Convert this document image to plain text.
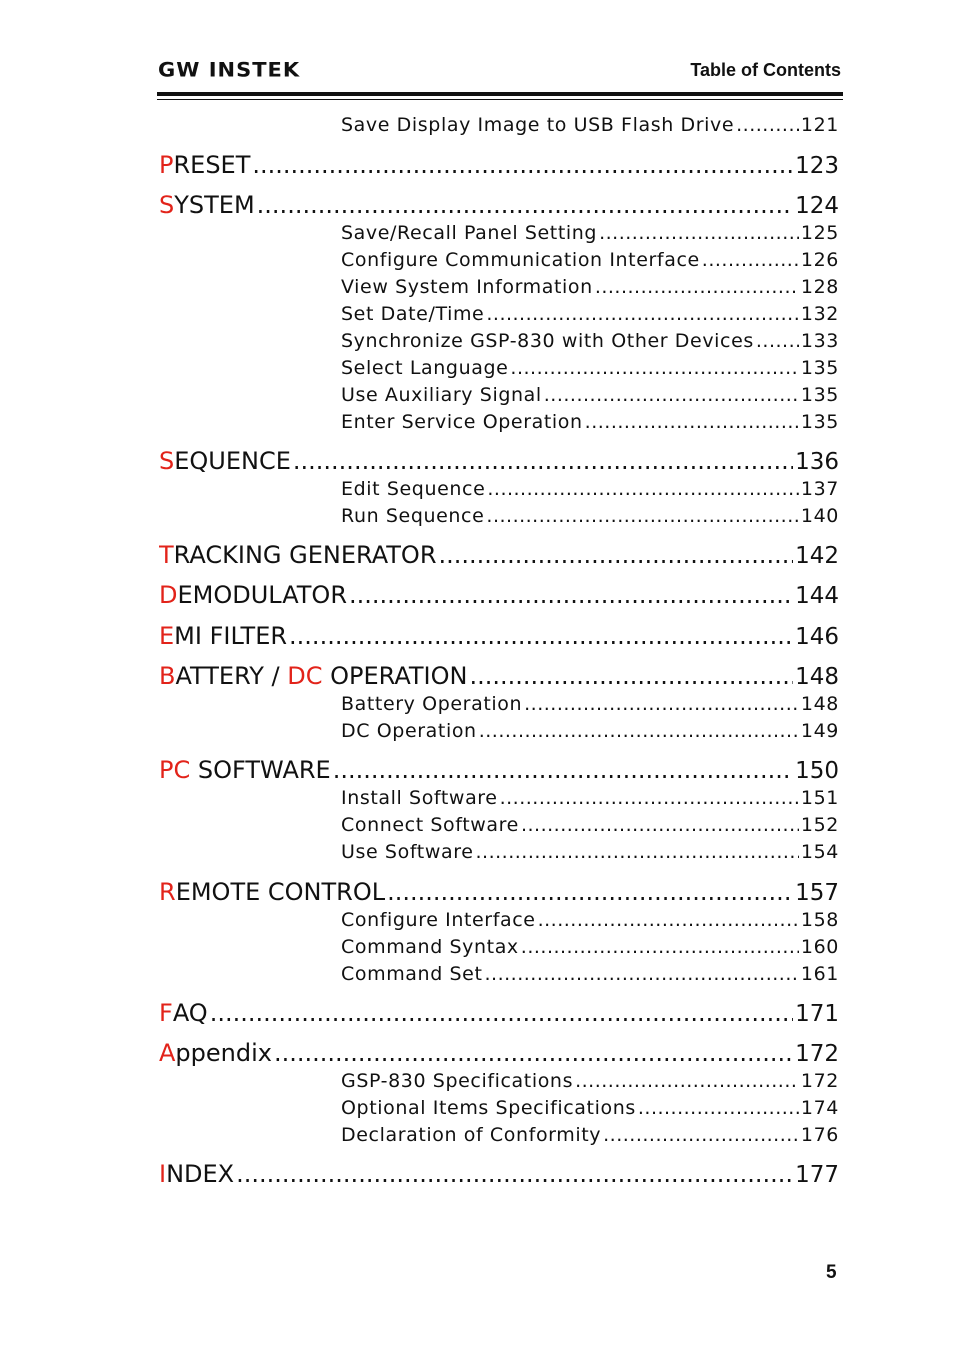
GW INSTEK	Table of Contents
Save Display Image to USB Flash Drive .....	121
P RESET .....	123
S YSTEM .....	124
Save/Recall Panel Setting .....	125
Configure Communication Interface .....	126
View System Information .....	128
Set Date/Time .....	132
Synchronize GSP-830 with Other Devices ..... 133
Select Language .....	135
Use Auxiliary Signal .....	135
Enter Service Operation .....	135
S EQUENCE .....	136
Edit Sequence .....	137
Run Sequence .....	140
T RACKING GENERATOR .....	142
D EMODULATOR .....	144
E MI FILTER .....	146
B ATTERY / DC OPERATION .....	148
Battery Operation .....	148
DC Operation .....	149
PC SOFTWARE .....	150
Install Software .....	151
Connect Software .....	152
Use Software .....	154
R EMOTE CONTROL .....	157
Configure Interface .....	158
Command Syntax .....	160
Command Set .....	161
F AQ .....	171
A ppendix .....	172
GSP-830 Specifications .....	172
Optional Items Specifications .....	174
Declaration of Conformity .....	176
I NDEX .....	177
5
